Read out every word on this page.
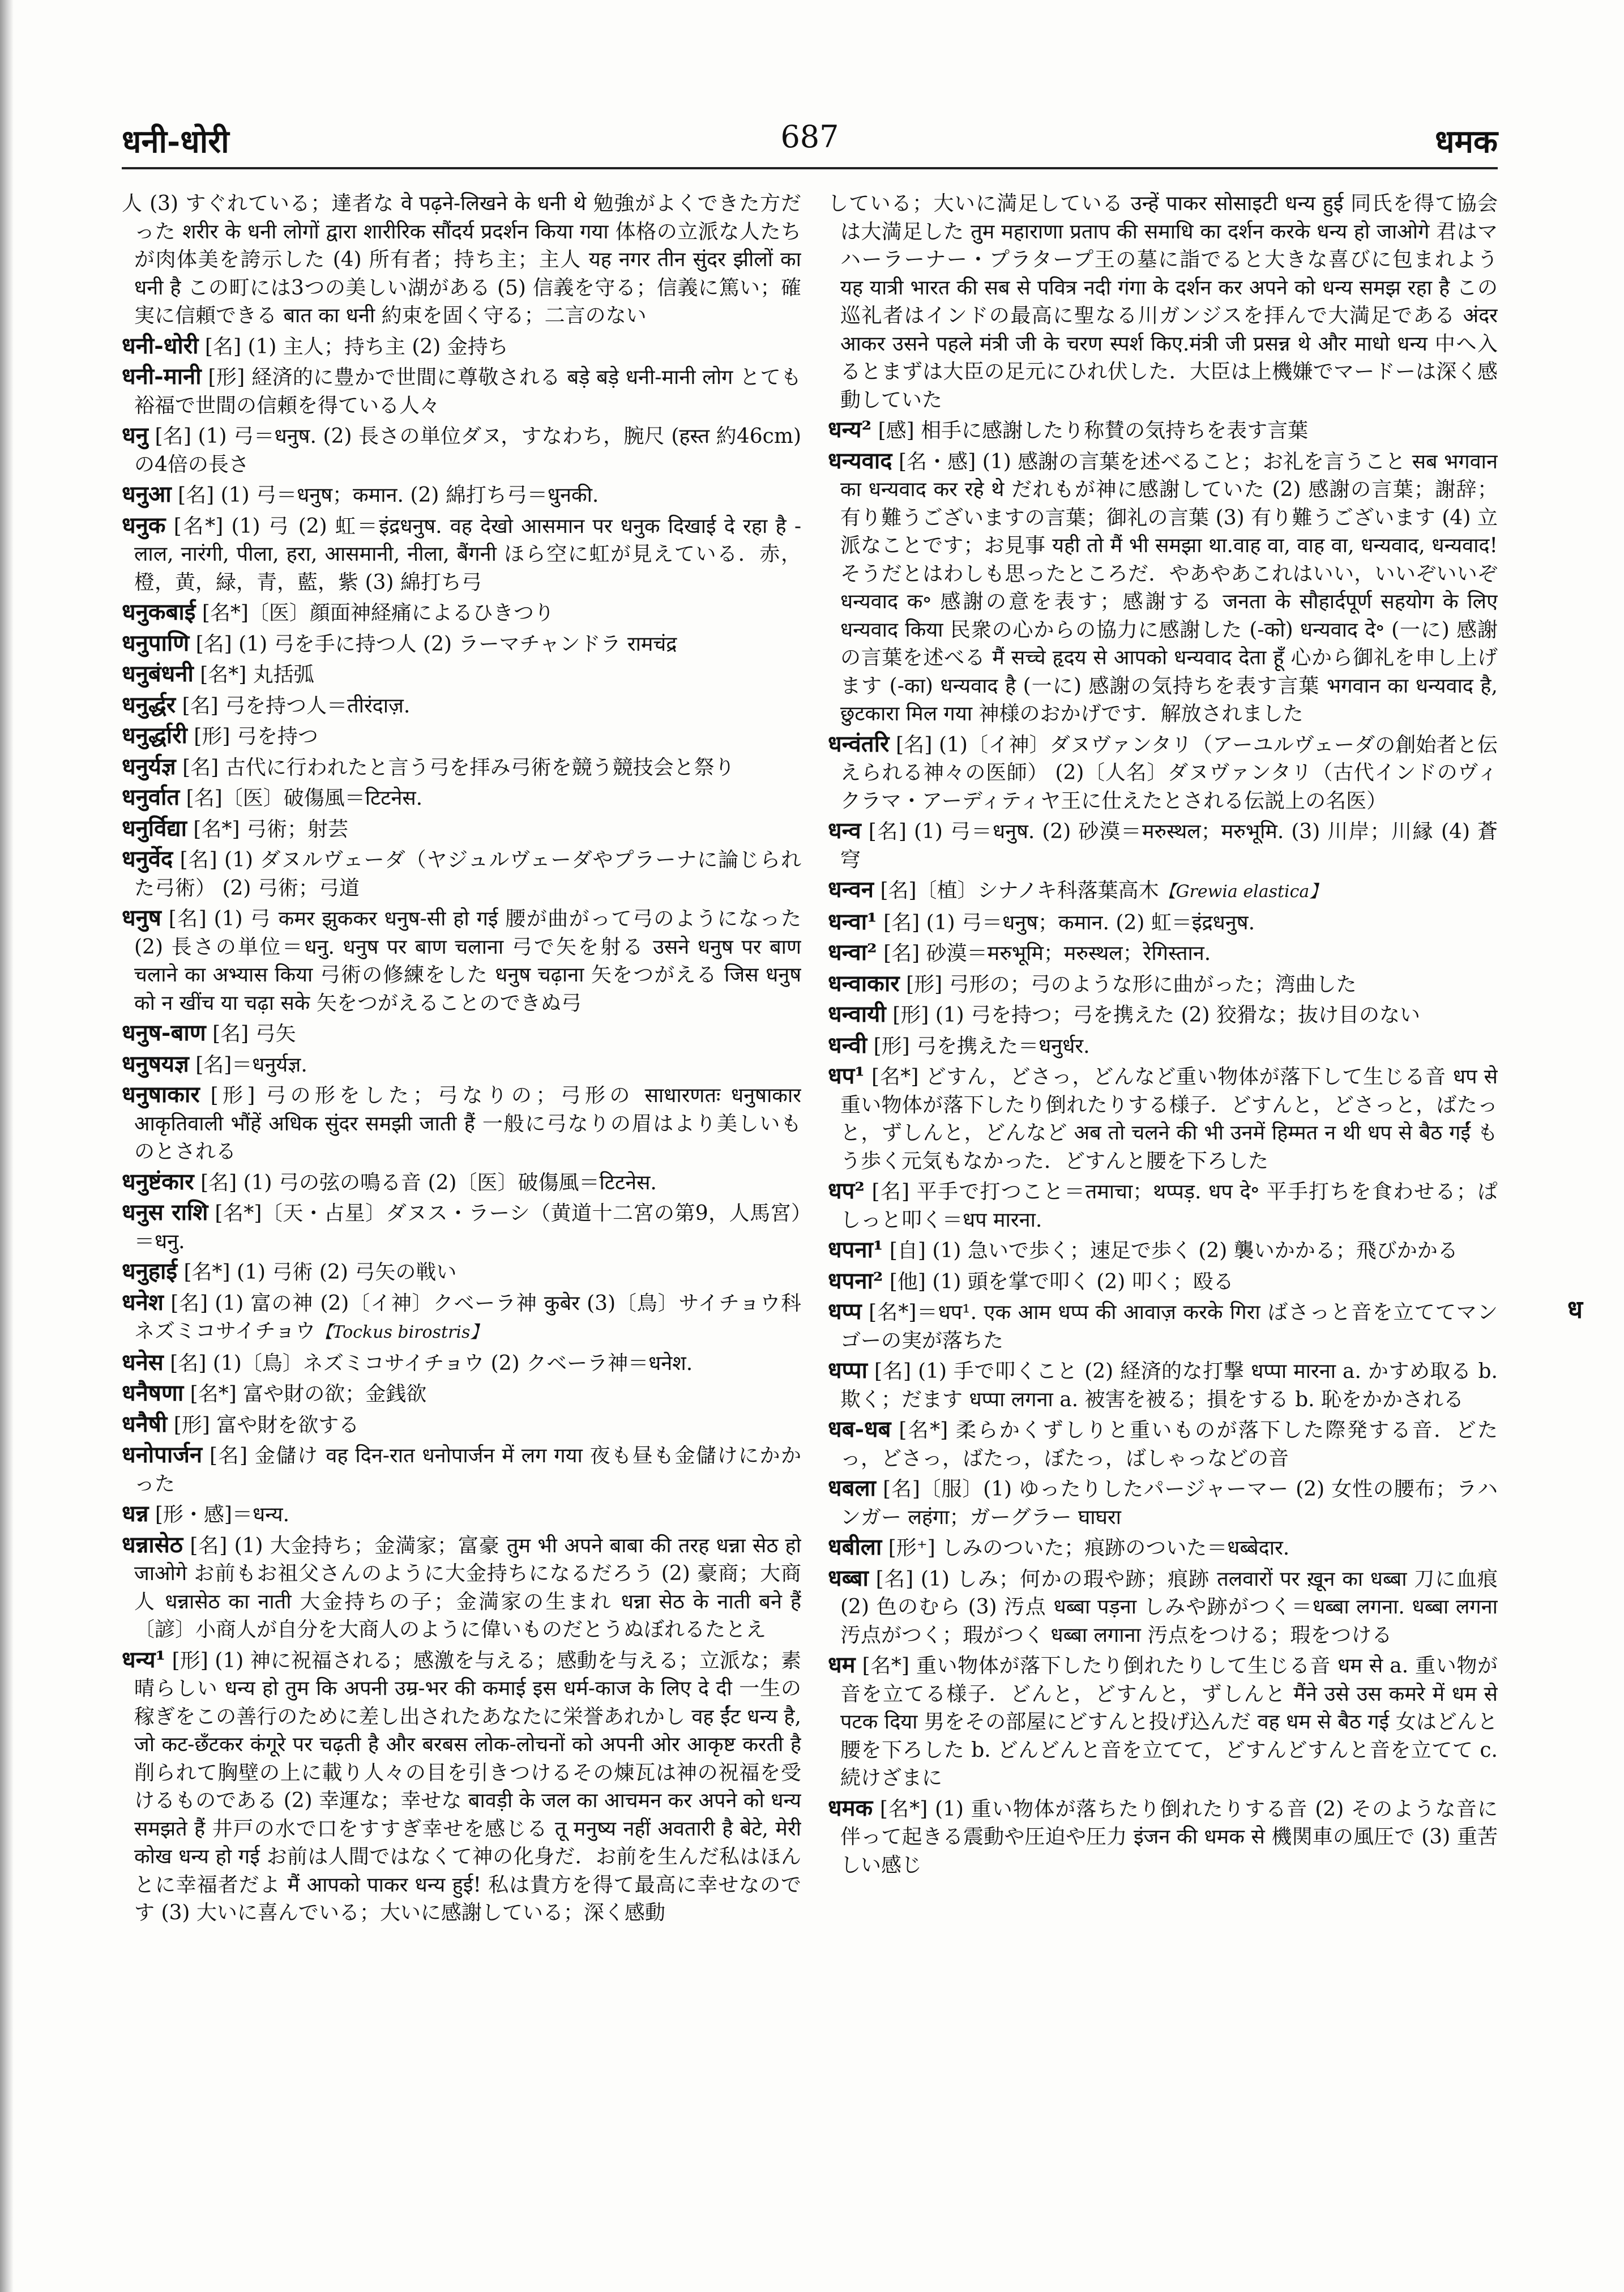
धनी-धोरी	687	धमक

人 (3) すぐれている；達者な वे पढ़ने-लिखने के धनी थे 勉強がよくできた方だった शरीर के धनी लोगों द्वारा शारीरिक सौंदर्य प्रदर्शन किया गया 体格の立派な人たちが肉体美を誇示した (4) 所有者；持ち主；主人 यह नगर तीन सुंदर झीलों का धनी है この町には3つの美しい湖がある (5) 信義を守る；信義に篤い；確実に信頼できる बात का धनी 約束を固く守る；二言のない

धनी-धोरी [名] (1) 主人；持ち主 (2) 金持ち

धनी-मानी [形] 経済的に豊かで世間に尊敬される बड़े बड़े धनी-मानी लोग とても裕福で世間の信頼を得ている人々

धनु [名] (1) 弓＝धनुष. (2) 長さの単位ダヌ，すなわち，腕尺 (हस्त 約46cm) の4倍の長さ

धनुआ [名] (1) 弓＝धनुष；कमान. (2) 綿打ち弓＝धुनकी.

धनुक [名*] (1) 弓 (2) 虹＝इंद्रधनुष. वह देखो आसमान पर धनुक दिखाई दे रहा है - लाल, नारंगी, पीला, हरा, आसमानी, नीला, बैंगनी ほら空に虹が見えている．赤，橙，黄，緑，青，藍，紫 (3) 綿打ち弓

धनुकबाई [名*]〔医〕顔面神経痛によるひきつり

धनुपाणि [名] (1) 弓を手に持つ人 (2) ラーマチャンドラ रामचंद्र

धनुबंधनी [名*] 丸括弧

धनुर्द्धर [名] 弓を持つ人＝तीरंदाज़.

धनुर्द्धारी [形] 弓を持つ

धनुर्यज्ञ [名] 古代に行われたと言う弓を拝み弓術を競う競技会と祭り

धनुर्वात [名]〔医〕破傷風＝टिटनेस.

धनुर्विद्या [名*] 弓術；射芸

धनुर्वेद [名] (1) ダヌルヴェーダ（ヤジュルヴェーダやプラーナに論じられた弓術） (2) 弓術；弓道

धनुष [名] (1) 弓 कमर झुककर धनुष-सी हो गई 腰が曲がって弓のようになった (2) 長さの単位＝धनु. धनुष पर बाण चलाना 弓で矢を射る उसने धनुष पर बाण चलाने का अभ्यास किया 弓術の修練をした धनुष चढ़ाना 矢をつがえる जिस धनुष को न खींच या चढ़ा सके 矢をつがえることのできぬ弓

धनुष-बाण [名] 弓矢

धनुषयज्ञ [名]＝धनुर्यज्ञ.

धनुषाकार [形] 弓の形をした；弓なりの；弓形の साधारणतः धनुषाकार आकृतिवाली भौंहें अधिक सुंदर समझी जाती हैं 一般に弓なりの眉はより美しいものとされる

धनुष्टंकार [名] (1) 弓の弦の鳴る音 (2)〔医〕破傷風＝टिटनेस.

धनुस राशि [名*]〔天・占星〕ダヌス・ラーシ（黄道十二宮の第9，人馬宮）＝धनु.

धनुहाई [名*] (1) 弓術 (2) 弓矢の戦い

धनेश [名] (1) 富の神 (2)〔イ神〕クベーラ神 कुबेर (3)〔鳥〕サイチョウ科ネズミコサイチョウ【Tockus birostris】

धनेस [名] (1)〔鳥〕ネズミコサイチョウ (2) クベーラ神＝धनेश.

धनैषणा [名*] 富や財の欲；金銭欲

धनैषी [形] 富や財を欲する

धनोपार्जन [名] 金儲け वह दिन-रात धनोपार्जन में लग गया 夜も昼も金儲けにかかった

धन्न [形・感]＝धन्य.

धन्नासेठ [名] (1) 大金持ち；金満家；富豪 तुम भी अपने बाबा की तरह धन्ना सेठ हो जाओगे お前もお祖父さんのように大金持ちになるだろう (2) 豪商；大商人 धन्नासेठ का नाती 大金持ちの子；金満家の生まれ धन्ना सेठ के नाती बने हैं〔諺〕小商人が自分を大商人のように偉いものだとうぬぼれるたとえ

धन्य¹ [形] (1) 神に祝福される；感激を与える；感動を与える；立派な；素晴らしい धन्य हो तुम कि अपनी उम्र-भर की कमाई इस धर्म-काज के लिए दे दी 一生の稼ぎをこの善行のために差し出されたあなたに栄誉あれかし वह ईंट धन्य है, जो कट-छँटकर कंगूरे पर चढ़ती है और बरबस लोक-लोचनों को अपनी ओर आकृष्ट करती है 削られて胸壁の上に載り人々の目を引きつけるその煉瓦は神の祝福を受けるものである (2) 幸運な；幸せな बावड़ी के जल का आचमन कर अपने को धन्य समझते हैं 井戸の水で口をすすぎ幸せを感じる तू मनुष्य नहीं अवतारी है बेटे, मेरी कोख धन्य हो गई お前は人間ではなくて神の化身だ．お前を生んだ私はほんとに幸福者だよ मैं आपको पाकर धन्य हुई! 私は貴方を得て最高に幸せなのです (3) 大いに喜んでいる；大いに感謝している；深く感動

している；大いに満足している उन्हें पाकर सोसाइटी धन्य हुई 同氏を得て協会は大満足した तुम महाराणा प्रताप की समाधि का दर्शन करके धन्य हो जाओगे 君はマハーラーナー・プラタープ王の墓に詣でると大きな喜びに包まれよう यह यात्री भारत की सब से पवित्र नदी गंगा के दर्शन कर अपने को धन्य समझ रहा है この巡礼者はインドの最高に聖なる川ガンジスを拝んで大満足である अंदर आकर उसने पहले मंत्री जी के चरण स्पर्श किए.मंत्री जी प्रसन्न थे और माधो धन्य 中へ入るとまずは大臣の足元にひれ伏した．大臣は上機嫌でマードーは深く感動していた

धन्य² [感] 相手に感謝したり称賛の気持ちを表す言葉

धन्यवाद [名・感] (1) 感謝の言葉を述べること；お礼を言うこと सब भगवान का धन्यवाद कर रहे थे だれもが神に感謝していた (2) 感謝の言葉；謝辞；有り難うございますの言葉；御礼の言葉 (3) 有り難うございます (4) 立派なことです；お見事 यही तो मैं भी समझा था.वाह वा, वाह वा, धन्यवाद, धन्यवाद! そうだとはわしも思ったところだ．やあやあこれはいい，いいぞいいぞ धन्यवाद क॰ 感謝の意を表す；感謝する जनता के सौहार्दपूर्ण सहयोग के लिए धन्यवाद किया 民衆の心からの協力に感謝した (-को) धन्यवाद दे॰ (一に) 感謝の言葉を述べる मैं सच्चे हृदय से आपको धन्यवाद देता हूँ 心から御礼を申し上げます (-का) धन्यवाद है (一に) 感謝の気持ちを表す言葉 भगवान का धन्यवाद है, छुटकारा मिल गया 神様のおかげです．解放されました

धन्वंतरि [名] (1)〔イ神〕ダヌヴァンタリ（アーユルヴェーダの創始者と伝えられる神々の医師） (2)〔人名〕ダヌヴァンタリ（古代インドのヴィクラマ・アーディティヤ王に仕えたとされる伝説上の名医）

धन्व [名] (1) 弓＝धनुष. (2) 砂漠＝मरुस्थल；मरुभूमि. (3) 川岸；川縁 (4) 蒼穹

धन्वन [名]〔植〕シナノキ科落葉高木【Grewia elastica】

धन्वा¹ [名] (1) 弓＝धनुष；कमान. (2) 虹＝इंद्रधनुष.

धन्वा² [名] 砂漠＝मरुभूमि；मरुस्थल；रेगिस्तान.

धन्वाकार [形] 弓形の；弓のような形に曲がった；湾曲した

धन्वायी [形] (1) 弓を持つ；弓を携えた (2) 狡猾な；抜け目のない

धन्वी [形] 弓を携えた＝धनुर्धर.

धप¹ [名*] どすん，どさっ，どんなど重い物体が落下して生じる音 धप से 重い物体が落下したり倒れたりする様子．どすんと，どさっと，ばたっと，ずしんと，どんなど अब तो चलने की भी उनमें हिम्मत न थी धप से बैठ गईं もう歩く元気もなかった．どすんと腰を下ろした

धप² [名] 平手で打つこと＝तमाचा；थप्पड़. धप दे॰ 平手打ちを食わせる；ぱしっと叩く＝धप मारना.

धपना¹ [自] (1) 急いで歩く；速足で歩く (2) 襲いかかる；飛びかかる

धपना² [他] (1) 頭を掌で叩く (2) 叩く；殴る

धप्प [名*]＝धप¹. एक आम धप्प की आवाज़ करके गिरा ばさっと音を立ててマンゴーの実が落ちた

धप्पा [名] (1) 手で叩くこと (2) 経済的な打撃 धप्पा मारना a. かすめ取る b. 欺く；だます धप्पा लगना a. 被害を被る；損をする b. 恥をかかされる

धब-धब [名*] 柔らかくずしりと重いものが落下した際発する音．どたっ，どさっ，ばたっ，ぼたっ，ばしゃっなどの音

धबला [名]〔服〕(1) ゆったりしたパージャーマー (2) 女性の腰布；ラハンガー लहंगा；ガーグラー घाघरा

धबीला [形⁺] しみのついた；痕跡のついた＝धब्बेदार.

धब्बा [名] (1) しみ；何かの瑕や跡；痕跡 तलवारों पर ख़ून का धब्बा 刀に血痕 (2) 色のむら (3) 汚点 धब्बा पड़ना しみや跡がつく＝धब्बा लगना. धब्बा लगना 汚点がつく；瑕がつく धब्बा लगाना 汚点をつける；瑕をつける

धम [名*] 重い物体が落下したり倒れたりして生じる音 धम से a. 重い物が音を立てる様子．どんと，どすんと，ずしんと मैंने उसे उस कमरे में धम से पटक दिया 男をその部屋にどすんと投げ込んだ वह धम से बैठ गई 女はどんと腰を下ろした b. どんどんと音を立てて，どすんどすんと音を立てて c. 続けざまに

धमक [名*] (1) 重い物体が落ちたり倒れたりする音 (2) そのような音に伴って起きる震動や圧迫や圧力 इंजन की धमक से 機関車の風圧で (3) 重苦しい感じ

ध
